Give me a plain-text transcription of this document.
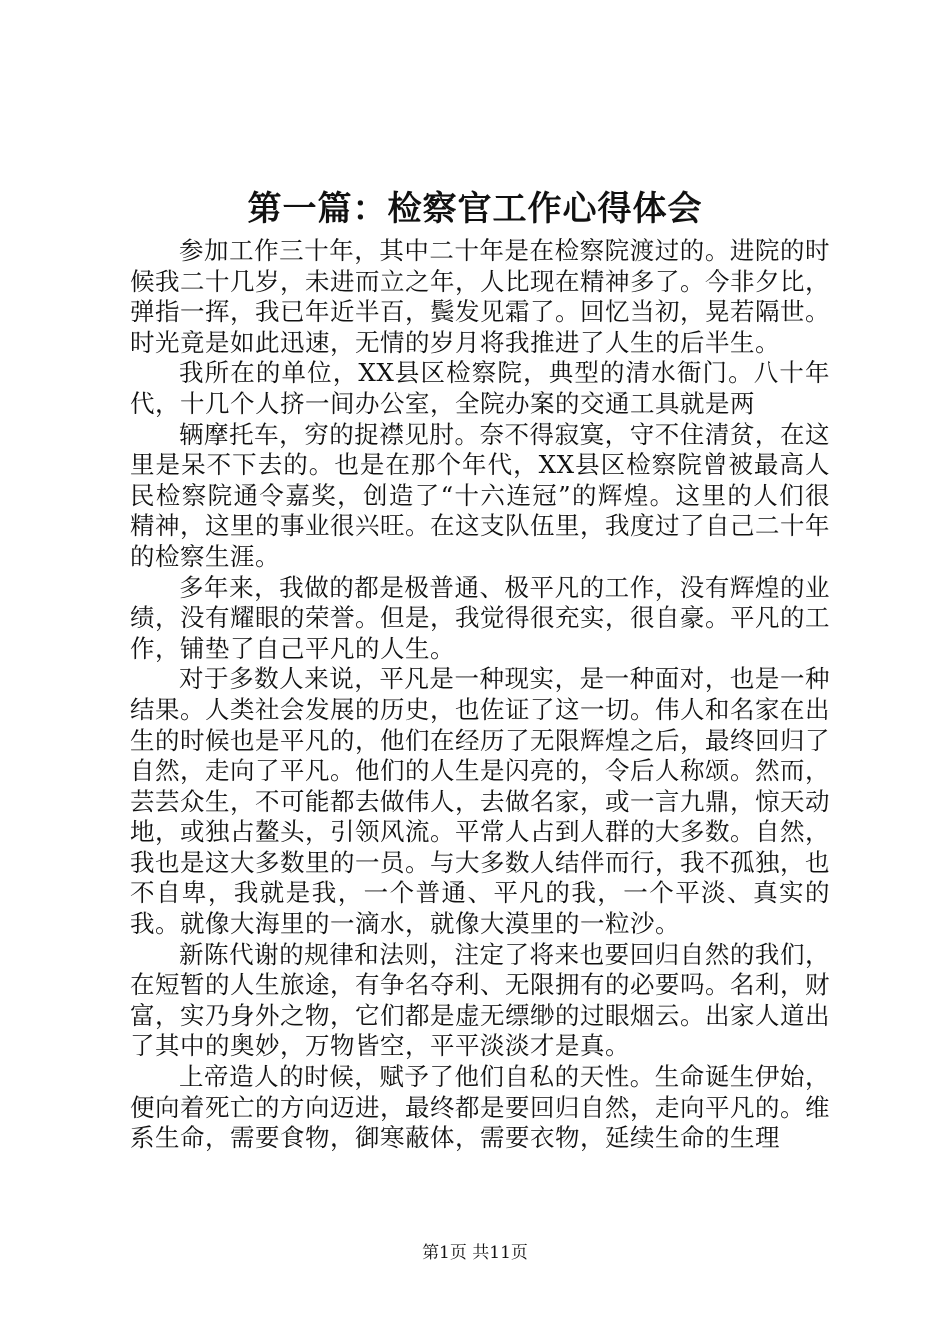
第一篇：检察官工作心得体会

参加工作三十年，其中二十年是在检察院渡过的。进院的时候我二十几岁，未进而立之年，人比现在精神多了。今非夕比，弹指一挥，我已年近半百，鬓发见霜了。回忆当初，晃若隔世。时光竟是如此迅速，无情的岁月将我推进了人生的后半生。

我所在的单位，XX县区检察院，典型的清水衙门。八十年代，十几个人挤一间办公室，全院办案的交通工具就是两

辆摩托车，穷的捉襟见肘。奈不得寂寞，守不住清贫，在这里是呆不下去的。也是在那个年代，XX县区检察院曾被最高人民检察院通令嘉奖，创造了“十六连冠”的辉煌。这里的人们很精神，这里的事业很兴旺。在这支队伍里，我度过了自己二十年的检察生涯。

多年来，我做的都是极普通、极平凡的工作，没有辉煌的业绩，没有耀眼的荣誉。但是，我觉得很充实，很自豪。平凡的工作，铺垫了自己平凡的人生。

对于多数人来说，平凡是一种现实，是一种面对，也是一种结果。人类社会发展的历史，也佐证了这一切。伟人和名家在出生的时候也是平凡的，他们在经历了无限辉煌之后，最终回归了自然，走向了平凡。他们的人生是闪亮的，令后人称颂。然而，芸芸众生，不可能都去做伟人，去做名家，或一言九鼎，惊天动地，或独占鳌头，引领风流。平常人占到人群的大多数。自然，我也是这大多数里的一员。与大多数人结伴而行，我不孤独，也不自卑，我就是我，一个普通、平凡的我，一个平淡、真实的我。就像大海里的一滴水，就像大漠里的一粒沙。

新陈代谢的规律和法则，注定了将来也要回归自然的我们，在短暂的人生旅途，有争名夺利、无限拥有的必要吗。名利，财富，实乃身外之物，它们都是虚无缥缈的过眼烟云。出家人道出了其中的奥妙，万物皆空，平平淡淡才是真。

上帝造人的时候，赋予了他们自私的天性。生命诞生伊始，便向着死亡的方向迈进，最终都是要回归自然，走向平凡的。维系生命，需要食物，御寒蔽体，需要衣物，延续生命的生理

第1页 共11页
